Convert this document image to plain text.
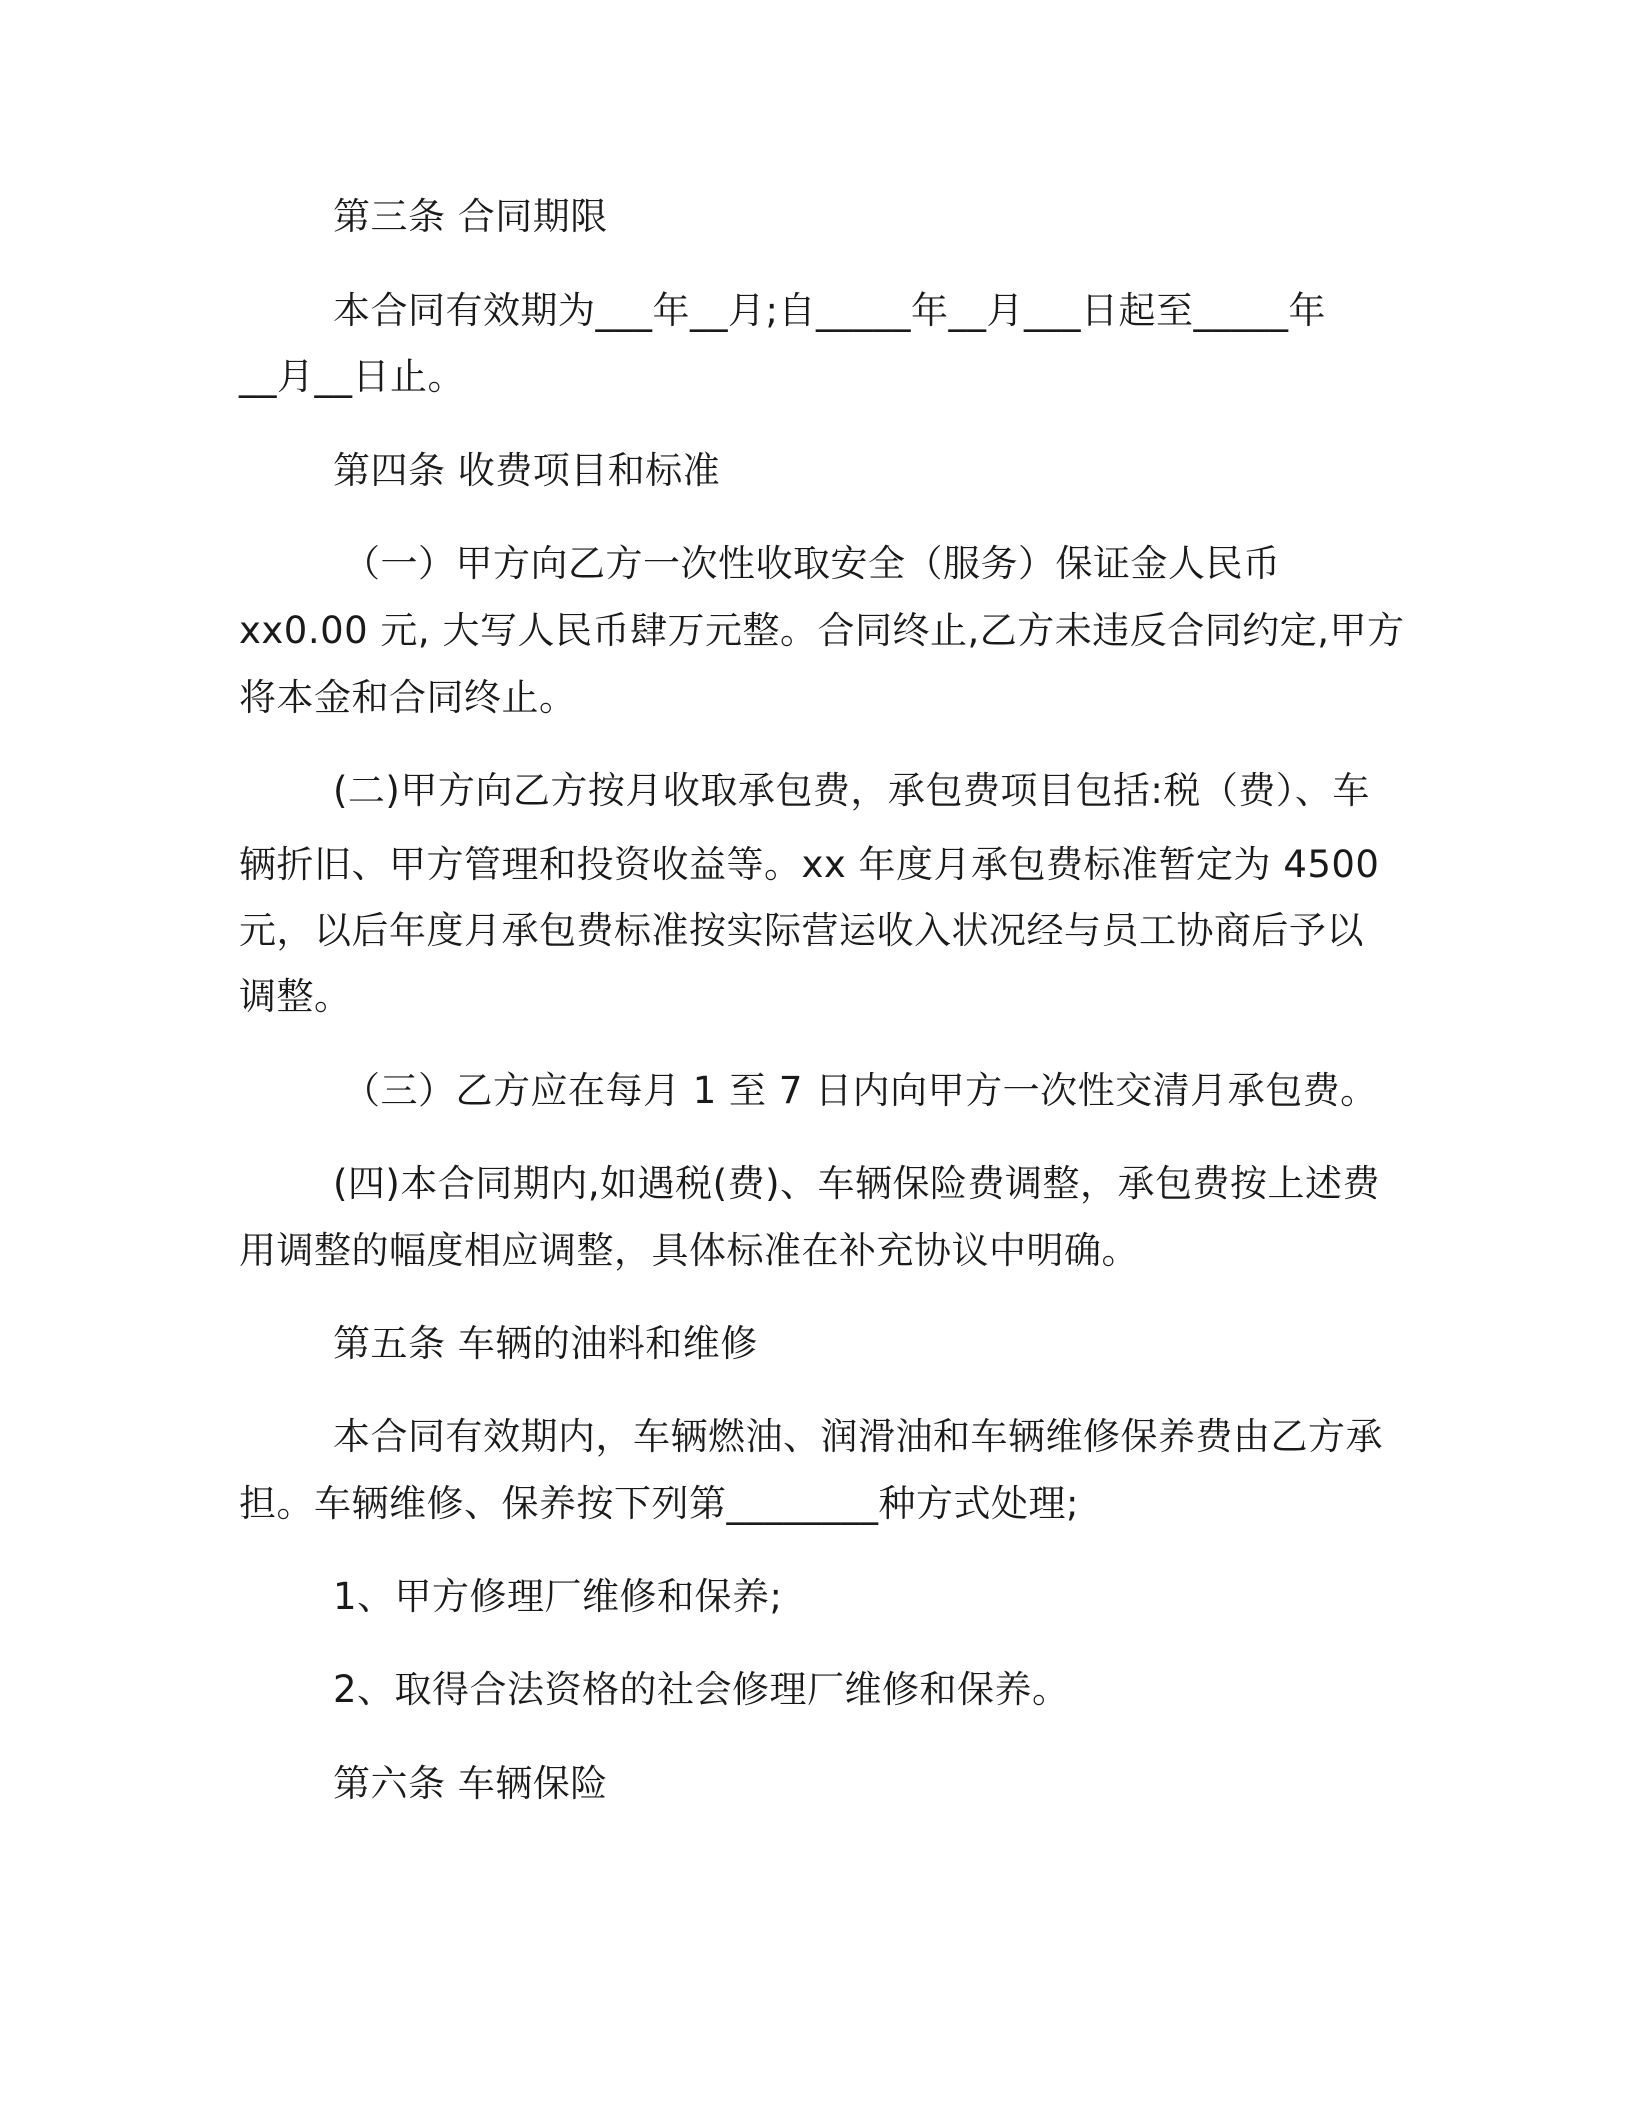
第三条 合同期限
本合同有效期为___年__月;自_____年__月___日起至_____年
__月__日止。
第四条 收费项目和标准
（一）甲方向乙方一次性收取安全（服务）保证金人民币
xx0.00 元, 大写人民币肆万元整。合同终止,乙方未违反合同约定,甲方
将本金和合同终止。
(二)甲方向乙方按月收取承包费，承包费项目包括:税（费）、车
辆折旧、甲方管理和投资收益等。xx 年度月承包费标准暂定为 4500
元，以后年度月承包费标准按实际营运收入状况经与员工协商后予以
调整。
（三）乙方应在每月 1 至 7 日内向甲方一次性交清月承包费。
(四)本合同期内,如遇税(费)、车辆保险费调整，承包费按上述费
用调整的幅度相应调整，具体标准在补充协议中明确。
第五条 车辆的油料和维修
本合同有效期内，车辆燃油、润滑油和车辆维修保养费由乙方承
担。车辆维修、保养按下列第________种方式处理;
1、甲方修理厂维修和保养;
2、取得合法资格的社会修理厂维修和保养。
第六条 车辆保险
